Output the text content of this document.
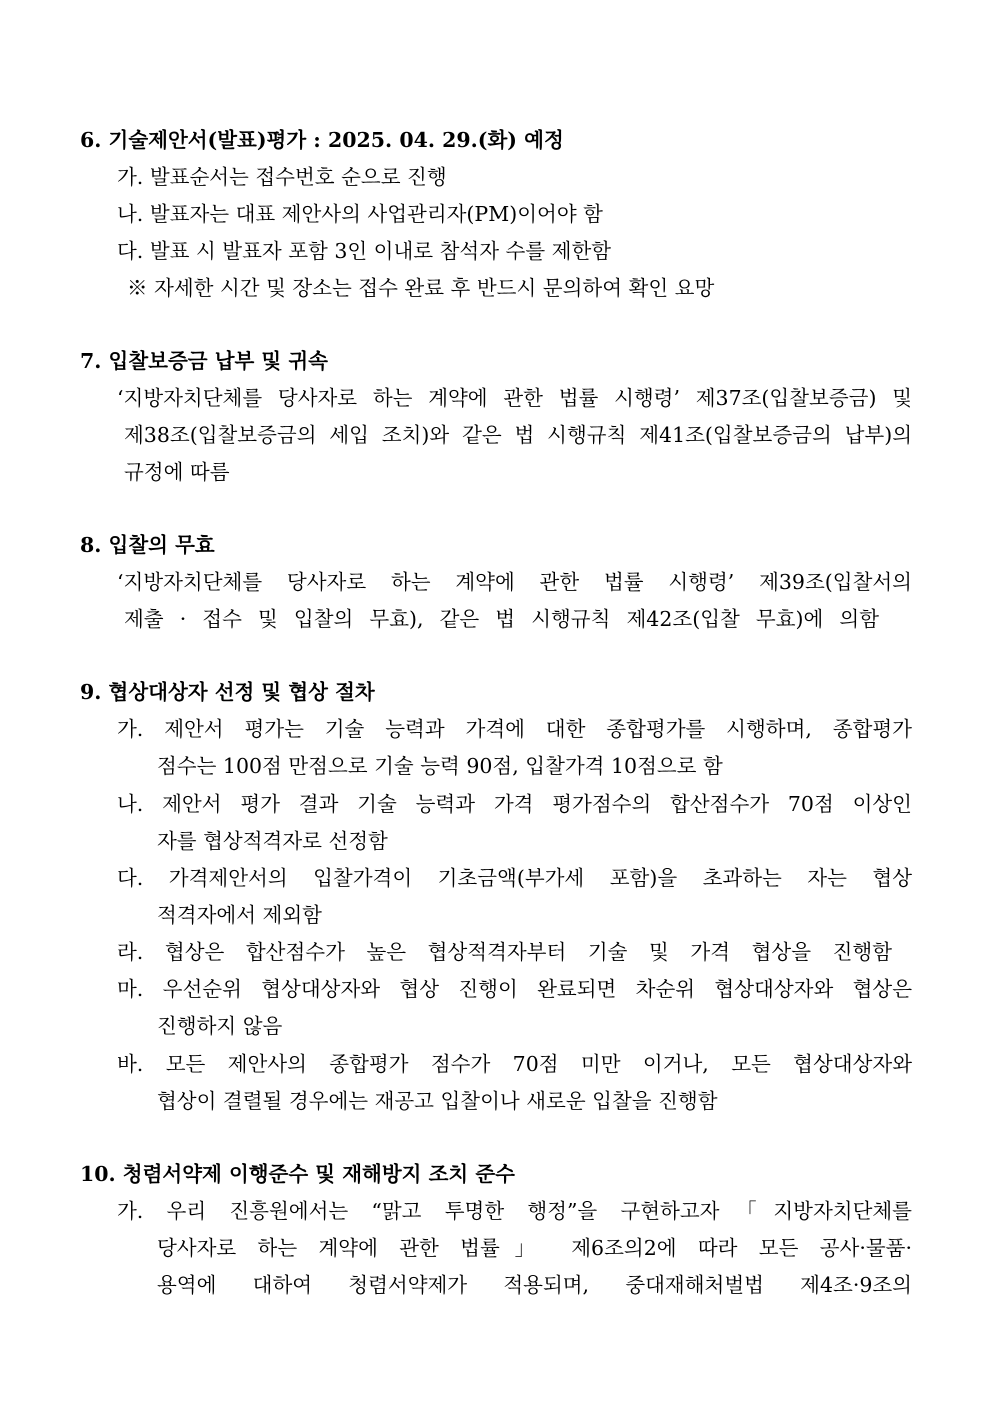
6. 기술제안서(발표)평가 : 2025. 04. 29.(화) 예정
가. 발표순서는 접수번호 순으로 진행
나. 발표자는 대표 제안사의 사업관리자(PM)이어야 함
다. 발표 시 발표자 포함 3인 이내로 참석자 수를 제한함
※ 자세한 시간 및 장소는 접수 완료 후 반드시 문의하여 확인 요망
7. 입찰보증금 납부 및 귀속
‘지방자치단체를 당사자로 하는 계약에 관한 법률 시행령’ 제37조(입찰보증금) 및
제38조(입찰보증금의 세입 조치)와 같은 법 시행규칙 제41조(입찰보증금의 납부)의
규정에 따름
8. 입찰의 무효
‘지방자치단체를 당사자로 하는 계약에 관한 법률 시행령’ 제39조(입찰서의
제출 · 접수 및 입찰의 무효), 같은 법 시행규칙 제42조(입찰 무효)에 의함
9. 협상대상자 선정 및 협상 절차
가. 제안서 평가는 기술 능력과 가격에 대한 종합평가를 시행하며, 종합평가
점수는 100점 만점으로 기술 능력 90점, 입찰가격 10점으로 함
나. 제안서 평가 결과 기술 능력과 가격 평가점수의 합산점수가 70점 이상인
자를 협상적격자로 선정함
다. 가격제안서의 입찰가격이 기초금액(부가세 포함)을 초과하는 자는 협상
적격자에서 제외함
라. 협상은 합산점수가 높은 협상적격자부터 기술 및 가격 협상을 진행함
마. 우선순위 협상대상자와 협상 진행이 완료되면 차순위 협상대상자와 협상은
진행하지 않음
바. 모든 제안사의 종합평가 점수가 70점 미만 이거나, 모든 협상대상자와
협상이 결렬될 경우에는 재공고 입찰이나 새로운 입찰을 진행함
10. 청렴서약제 이행준수 및 재해방지 조치 준수
가. 우리 진흥원에서는 “맑고 투명한 행정”을 구현하고자「지방자치단체를
당사자로 하는 계약에 관한 법률」 제6조의2에 따라 모든 공사·물품·
용역에 대하여 청렴서약제가 적용되며, 중대재해처벌법 제4조·9조의
